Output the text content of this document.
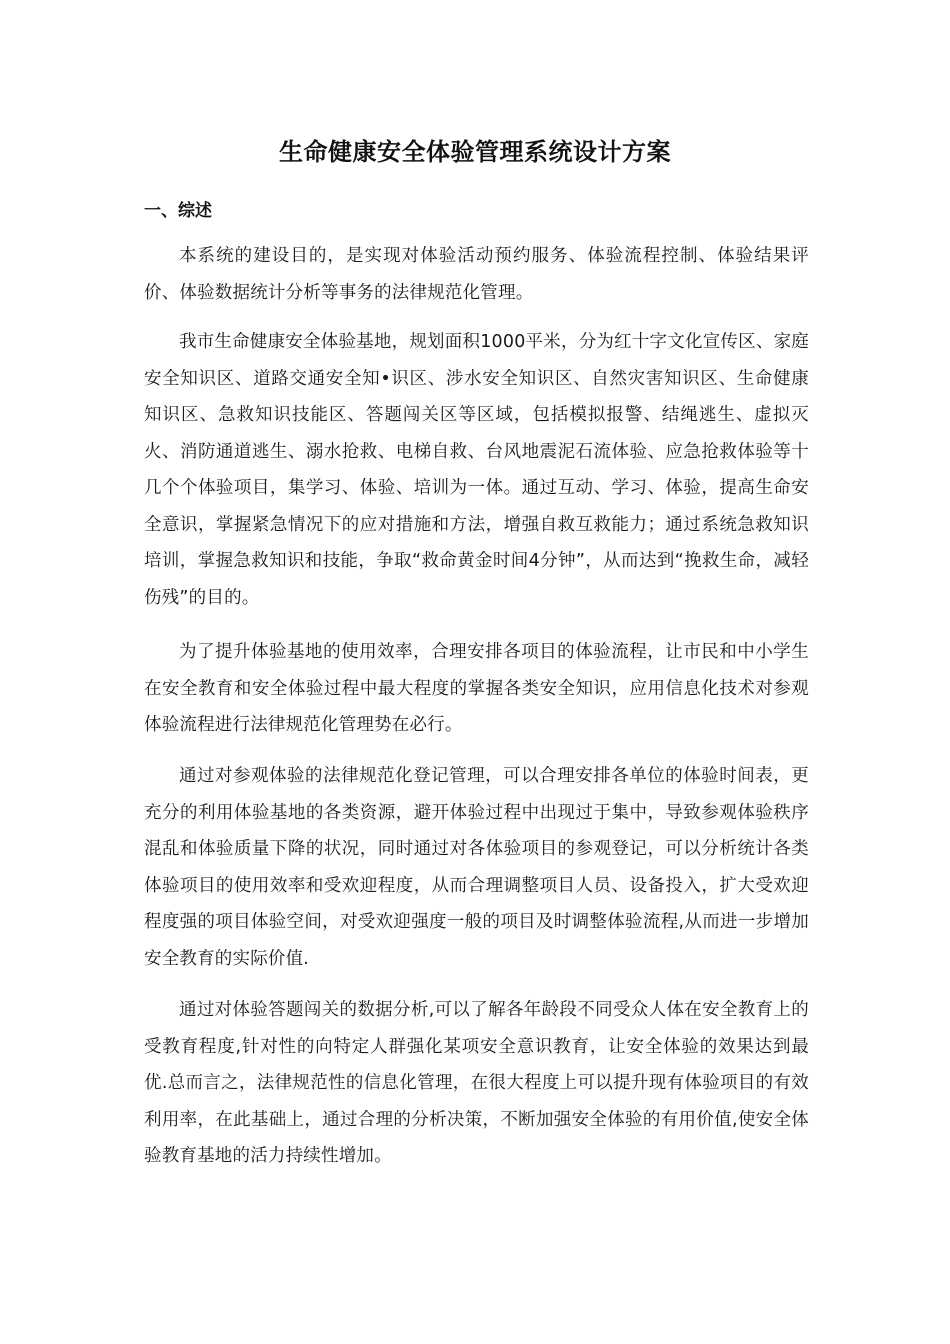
生命健康安全体验管理系统设计方案
一、综述

本系统的建设目的，是实现对体验活动预约服务、体验流程控制、体验结果评价、体验数据统计分析等事务的法律规范化管理。

我市生命健康安全体验基地，规划面积1000平米，分为红十字文化宣传区、家庭安全知识区、道路交通安全知•识区、涉水安全知识区、自然灾害知识区、生命健康知识区、急救知识技能区、答题闯关区等区域，包括模拟报警、结绳逃生、虚拟灭火、消防通道逃生、溺水抢救、电梯自救、台风地震泥石流体验、应急抢救体验等十几个个体验项目，集学习、体验、培训为一体。通过互动、学习、体验，提高生命安全意识，掌握紧急情况下的应对措施和方法，增强自救互救能力；通过系统急救知识培训，掌握急救知识和技能，争取“救命黄金时间4分钟”，从而达到“挽救生命，减轻伤残”的目的。

为了提升体验基地的使用效率，合理安排各项目的体验流程，让市民和中小学生在安全教育和安全体验过程中最大程度的掌握各类安全知识，应用信息化技术对参观体验流程进行法律规范化管理势在必行。

通过对参观体验的法律规范化登记管理，可以合理安排各单位的体验时间表，更充分的利用体验基地的各类资源，避开体验过程中出现过于集中，导致参观体验秩序混乱和体验质量下降的状况，同时通过对各体验项目的参观登记，可以分析统计各类体验项目的使用效率和受欢迎程度，从而合理调整项目人员、设备投入，扩大受欢迎程度强的项目体验空间，对受欢迎强度一般的项目及时调整体验流程,从而进一步增加安全教育的实际价值.

通过对体验答题闯关的数据分析,可以了解各年龄段不同受众人体在安全教育上的受教育程度,针对性的向特定人群强化某项安全意识教育，让安全体验的效果达到最优.总而言之，法律规范性的信息化管理，在很大程度上可以提升现有体验项目的有效利用率，在此基础上，通过合理的分析决策，不断加强安全体验的有用价值,使安全体验教育基地的活力持续性增加。
